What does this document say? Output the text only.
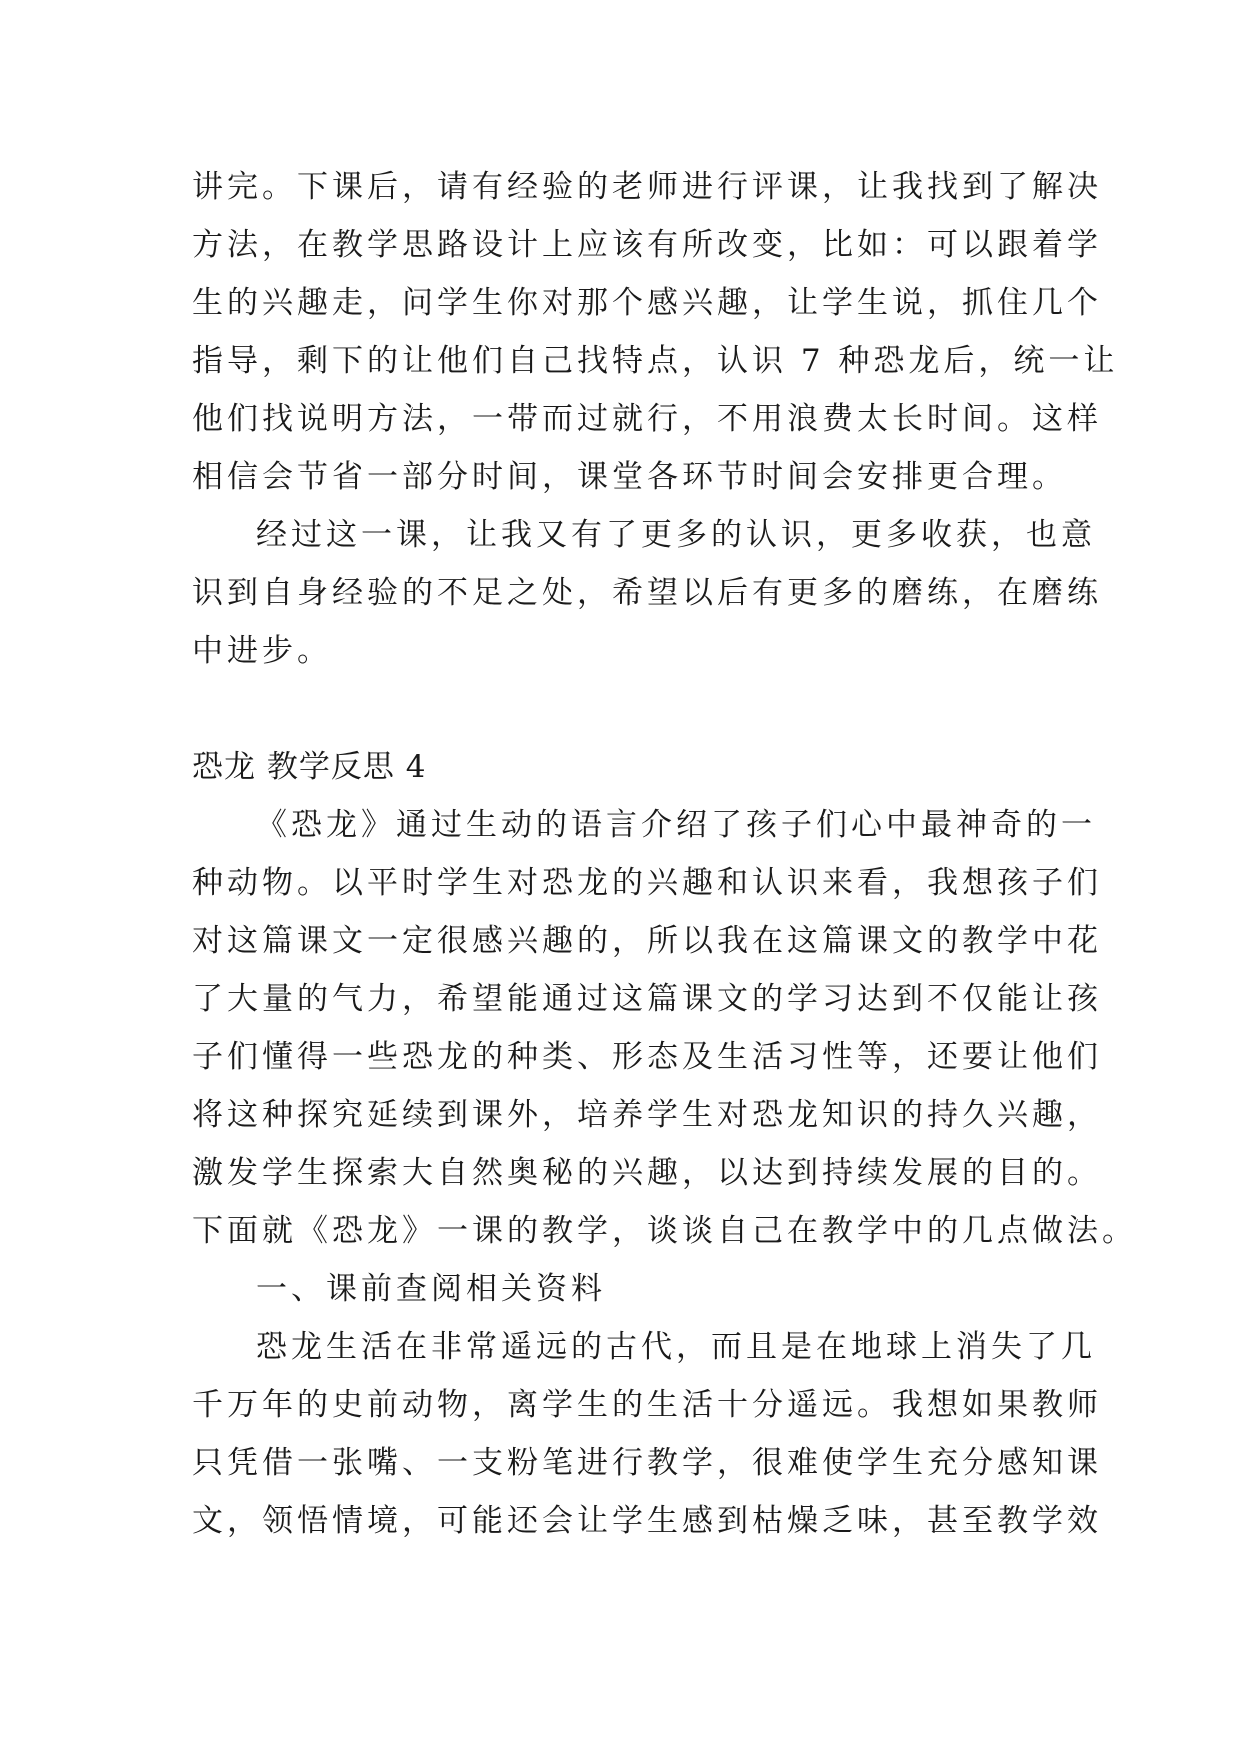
讲完。下课后，请有经验的老师进行评课，让我找到了解决
方法，在教学思路设计上应该有所改变，比如：可以跟着学
生的兴趣走，问学生你对那个感兴趣，让学生说，抓住几个
指导，剩下的让他们自己找特点，认识 7 种恐龙后，统一让
他们找说明方法，一带而过就行，不用浪费太长时间。这样
相信会节省一部分时间，课堂各环节时间会安排更合理。
经过这一课，让我又有了更多的认识，更多收获，也意
识到自身经验的不足之处，希望以后有更多的磨练，在磨练
中进步。
恐龙 教学反思 4
《恐龙》通过生动的语言介绍了孩子们心中最神奇的一
种动物。以平时学生对恐龙的兴趣和认识来看，我想孩子们
对这篇课文一定很感兴趣的，所以我在这篇课文的教学中花
了大量的气力，希望能通过这篇课文的学习达到不仅能让孩
子们懂得一些恐龙的种类、形态及生活习性等，还要让他们
将这种探究延续到课外，培养学生对恐龙知识的持久兴趣，
激发学生探索大自然奥秘的兴趣，以达到持续发展的目的。
下面就《恐龙》一课的教学，谈谈自己在教学中的几点做法。
一、课前查阅相关资料
恐龙生活在非常遥远的古代，而且是在地球上消失了几
千万年的史前动物，离学生的生活十分遥远。我想如果教师
只凭借一张嘴、一支粉笔进行教学，很难使学生充分感知课
文，领悟情境，可能还会让学生感到枯燥乏味，甚至教学效
